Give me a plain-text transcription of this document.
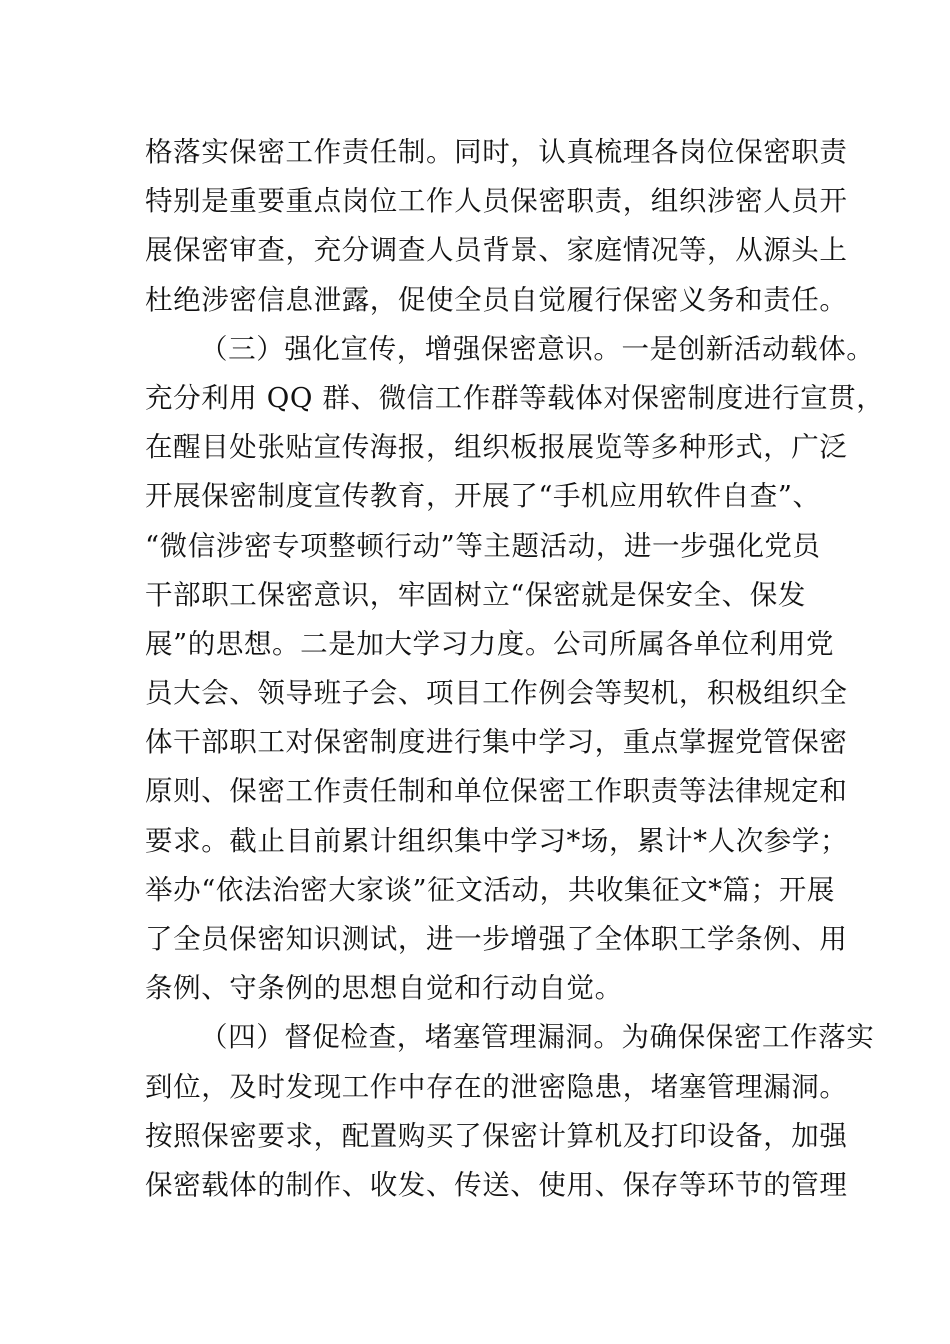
格落实保密工作责任制。同时，认真梳理各岗位保密职责
特别是重要重点岗位工作人员保密职责，组织涉密人员开
展保密审查，充分调查人员背景、家庭情况等，从源头上
杜绝涉密信息泄露，促使全员自觉履行保密义务和责任。
（三）强化宣传，增强保密意识。一是创新活动载体。
充分利用 QQ 群、微信工作群等载体对保密制度进行宣贯，
在醒目处张贴宣传海报，组织板报展览等多种形式，广泛
开展保密制度宣传教育，开展了“手机应用软件自查”、
“微信涉密专项整顿行动”等主题活动，进一步强化党员
干部职工保密意识，牢固树立“保密就是保安全、保发
展”的思想。二是加大学习力度。公司所属各单位利用党
员大会、领导班子会、项目工作例会等契机，积极组织全
体干部职工对保密制度进行集中学习，重点掌握党管保密
原则、保密工作责任制和单位保密工作职责等法律规定和
要求。截止目前累计组织集中学习*场，累计*人次参学；
举办“依法治密大家谈”征文活动，共收集征文*篇；开展
了全员保密知识测试，进一步增强了全体职工学条例、用
条例、守条例的思想自觉和行动自觉。
（四）督促检查，堵塞管理漏洞。为确保保密工作落实
到位，及时发现工作中存在的泄密隐患，堵塞管理漏洞。
按照保密要求，配置购买了保密计算机及打印设备，加强
保密载体的制作、收发、传送、使用、保存等环节的管理
